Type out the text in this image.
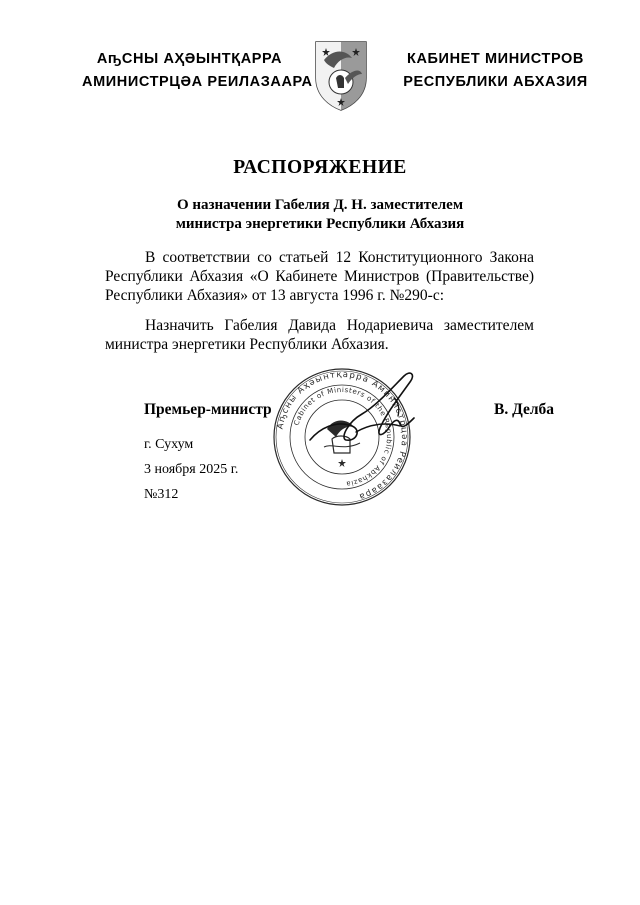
АҧСНЫ АҲӘЫНТҚАРРА
АМИНИСТРЦӘА РЕИЛАЗААРА
КАБИНЕТ МИНИСТРОВ
РЕСПУБЛИКИ АБХАЗИЯ
РАСПОРЯЖЕНИЕ
О назначении Габелия Д. Н. заместителем
министра энергетики Республики Абхазия
В соответствии со статьей 12 Конституционного Закона Республики Абхазия «О Кабинете Министров (Правительстве) Республики Абхазия» от 13 августа 1996 г. №290-с:
Назначить Габелия Давида Нодариевича заместителем министра энергетики Республики Абхазия.
Аҧсны Аҳәынтқарра Аминистрцәа Реилазаара
Cabinet of Ministers of the Republic of Abkhazia
Премьер-министр	В. Делба
г. Сухум
3 ноября 2025 г.
№312
